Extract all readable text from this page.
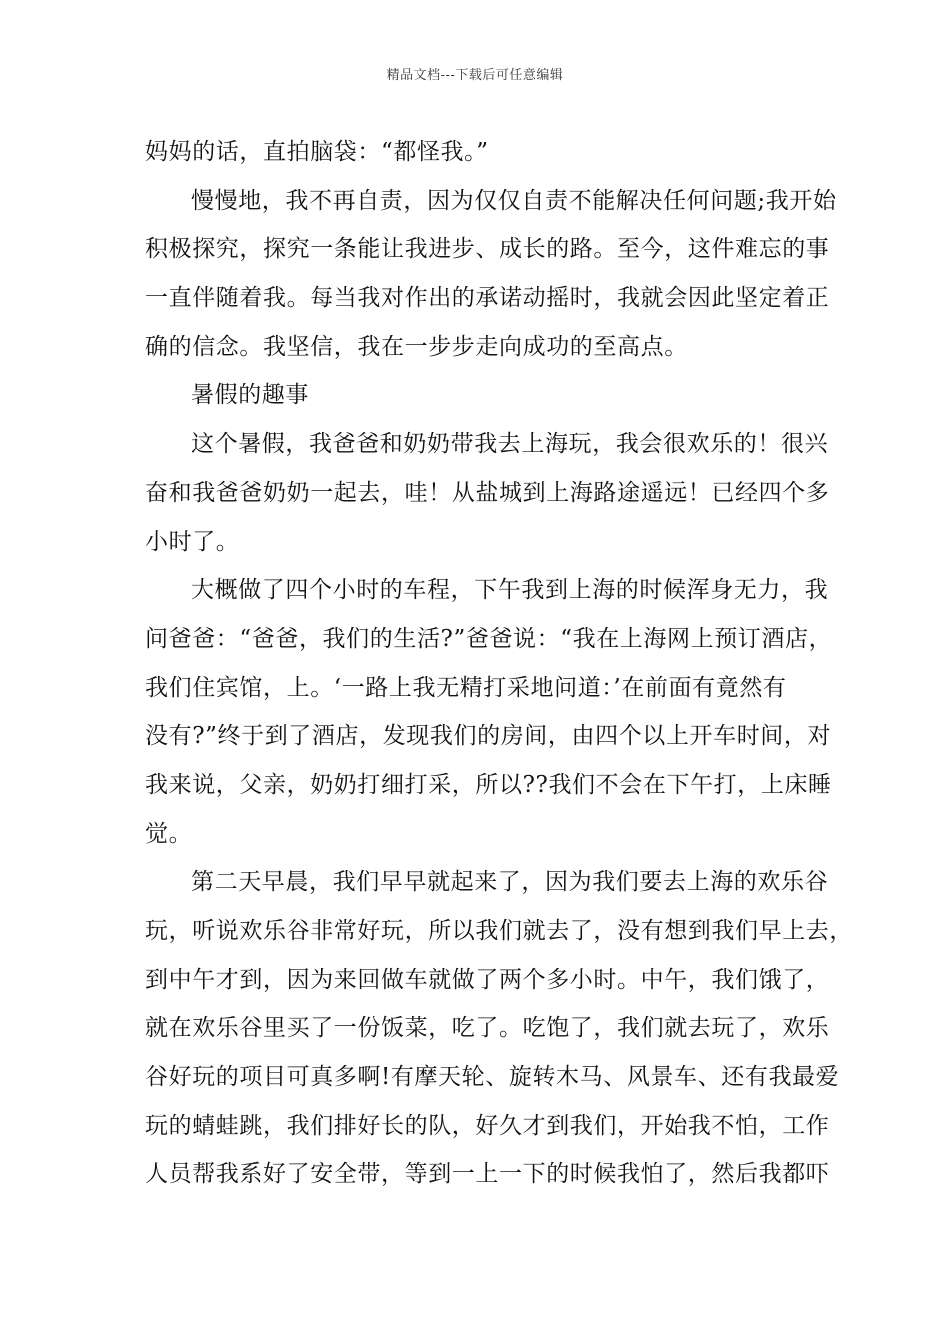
精品文档---下载后可任意编辑
妈妈的话，直拍脑袋：“都怪我。”
慢慢地，我不再自责，因为仅仅自责不能解决任何问题;我开始
积极探究，探究一条能让我进步、成长的路。至今，这件难忘的事
一直伴随着我。每当我对作出的承诺动摇时，我就会因此坚定着正
确的信念。我坚信，我在一步步走向成功的至高点。
暑假的趣事
这个暑假，我爸爸和奶奶带我去上海玩，我会很欢乐的！很兴
奋和我爸爸奶奶一起去，哇！从盐城到上海路途遥远！已经四个多
小时了。
大概做了四个小时的车程，下午我到上海的时候浑身无力，我
问爸爸：“爸爸，我们的生活?”爸爸说：“我在上海网上预订酒店，
我们住宾馆，上。‘一路上我无精打采地问道：’在前面有竟然有
没有?”终于到了酒店，发现我们的房间，由四个以上开车时间，对
我来说，父亲，奶奶打细打采，所以??我们不会在下午打，上床睡
觉。
第二天早晨，我们早早就起来了，因为我们要去上海的欢乐谷
玩，听说欢乐谷非常好玩，所以我们就去了，没有想到我们早上去，
到中午才到，因为来回做车就做了两个多小时。中午，我们饿了，
就在欢乐谷里买了一份饭菜，吃了。吃饱了，我们就去玩了，欢乐
谷好玩的项目可真多啊!有摩天轮、旋转木马、风景车、还有我最爱
玩的蜻蛙跳，我们排好长的队，好久才到我们，开始我不怕，工作
人员帮我系好了安全带，等到一上一下的时候我怕了，然后我都吓
